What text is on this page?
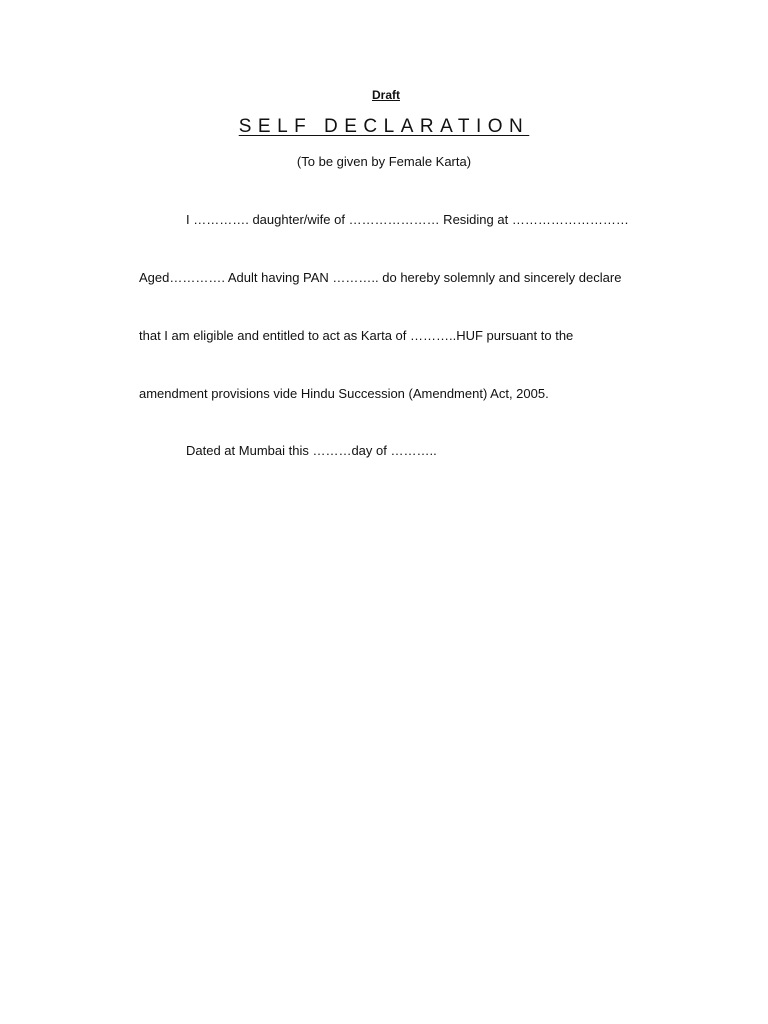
Draft
SELF DECLARATION
(To be given by Female Karta)
I …………. daughter/wife of ………………… Residing at ………………………
Aged…………. Adult having PAN ……….. do hereby solemnly and sincerely declare
that I am eligible and entitled to act as Karta of ………..HUF pursuant to the
amendment provisions vide Hindu Succession (Amendment) Act, 2005.
Dated at Mumbai this ………day of ………..
